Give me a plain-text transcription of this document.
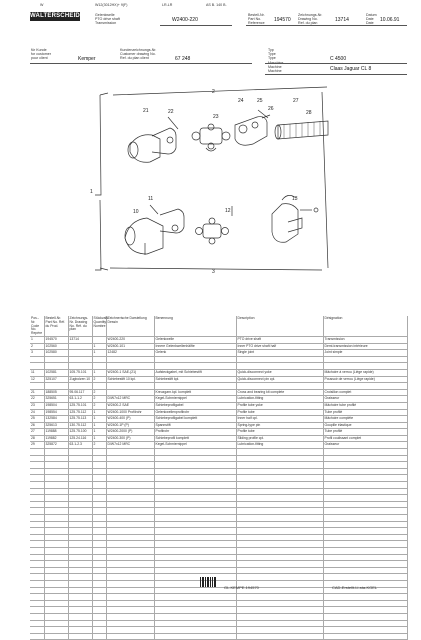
W	W12(3012HX)+ 9(F)	LR-LR	AS B. 140 B.
WALTERSCHEID	Gelenkwelle
PTO drive shaft
Transmission	W2400-220
Bestell-Nr.
Part No.
Reference 194570
Zeichnungs-Nr.
Drawing No.
Ref. du plan	13714
Datum
Date
Date 10.06.91
für Kunde
for customer
pour client	Kemper
Kundenzeichnungs-Nr.
Customer drawing No.
Ref. du plan client	67 248
Typ
Type
Type	C 4500
Maschine
Machine
Machine	Claas Jaguar CL 8
2
21	22
23
24	25
26
27
28
10
11
12
13
1
3
Pos.-Nr. Code No. Repère	Bestell-Nr. Part No. Réf. du Prod.	Zeichnungs-Nr. Drawing No. Réf. du plan	Stückzahl Quantity Nombre	Zeichnerische Darstellung Dessin	Benennung	Description	Désignation
1	194570	13714		W2400-220	Gelenkwelle	PTO drive shaft	Transmission
2	102560		1	W2400-101	Innere Gelenkwellenhälfte	Inner PTO drive shaft half	Demi-transmission intérieure
3	102580		1	12482	Gelenk	Single joint	Joint simple

11	102581	105.75.101	1	W2400-1 SAE-(21)	Aufsteckgabel, mit Schiebestift	Quick-disconnect yoke	Mâchoire à verrou (Liège rapide)
12	325107	Zugbolzen 10	2	Schiebestift 10 kpl.	Schiebestift kpl.	Quick-disconnect pin cpl.	Poussoir de verrou (Liège rapide)

21	188505	95.06.117	2		Kreuzgarn.kpl. komplett	Cross and bearing kit complete	Croisillon complet
22	325651	63.1-1.2	2	D/W7x12 MRC	Kegel-Schmiernippel	Lubrication-fitting	Graisseur
23	198504	125.75.101	2	W2400-2 SAE	Schiebeprofilgabel	Profile tube yoke	Mâchoire tube profilé
24	198554	125.75.112	1	W2400-1000 Profilrohr	Gelenkwellenprofilrohr	Profile tube	Tube profilé
25	132584	125.75.113	1	W2400-400 (P)	Schiebeprofilgabel komplett	Inner half cpl.	Mâchoire complète
26	325613	130.75.112	1	W2400-1P (P)	Spannstift	Spring-type pin	Goupille élastique
27	119888	125.75.100	1	W2400-2000 (P)	Profilrohr	Profile tube	Tube profilé
28	119882	125.24.116	1	W2400-300 (P)	Schiebeprofil komplett	Sliding profile cpl.	Profil coulissant complet
29	325872	63.1-2.3	2	D/W7x12 MRC	Kegel-Schmiernippel	Lubrication-fitting	Graisseur

GL.KEMPE.194570	CAD-Erstellt-Li-sta-KGEL
